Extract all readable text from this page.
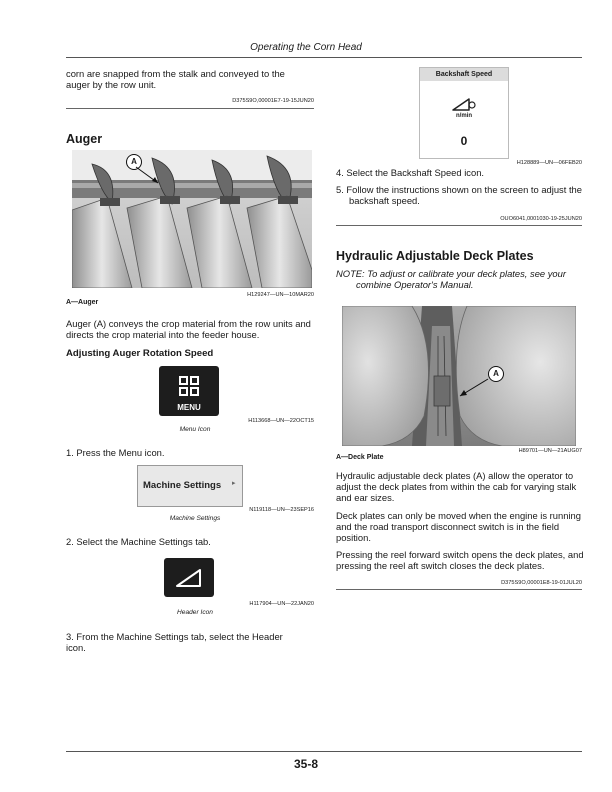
Operating the Corn Head
corn are snapped from the stalk and conveyed to the auger by the row unit.
D375S9O,00001E7-19-15JUN20
Auger
A
H129247—UN—10MAR20
A—Auger
Auger (A) conveys the crop material from the row units and directs the crop material into the feeder house.
Adjusting Auger Rotation Speed
MENU
H113668—UN—22OCT15
Menu Icon
1. Press the Menu icon.
Machine Settings ▸
N119118—UN—23SEP16
Machine Settings
2. Select the Machine Settings tab.
H117904—UN—22JAN20
Header Icon
3. From the Machine Settings tab, select the Header icon.
Backshaft Speed
n/min
0
H128889—UN—06FEB20
4. Select the Backshaft Speed icon.
5. Follow the instructions shown on the screen to adjust the backshaft speed.
OUO6041,0001030-19-25JUN20
Hydraulic Adjustable Deck Plates
NOTE: To adjust or calibrate your deck plates, see your combine Operator's Manual.
A
H89701—UN—21AUG07
A—Deck Plate
Hydraulic adjustable deck plates (A) allow the operator to adjust the deck plates from within the cab for varying stalk and ear sizes.
Deck plates can only be moved when the engine is running and the road transport disconnect switch is in the field position.
Pressing the reel forward switch opens the deck plates, and pressing the reel aft switch closes the deck plates.
D375S9O,00001E8-19-01JUL20
35-8
